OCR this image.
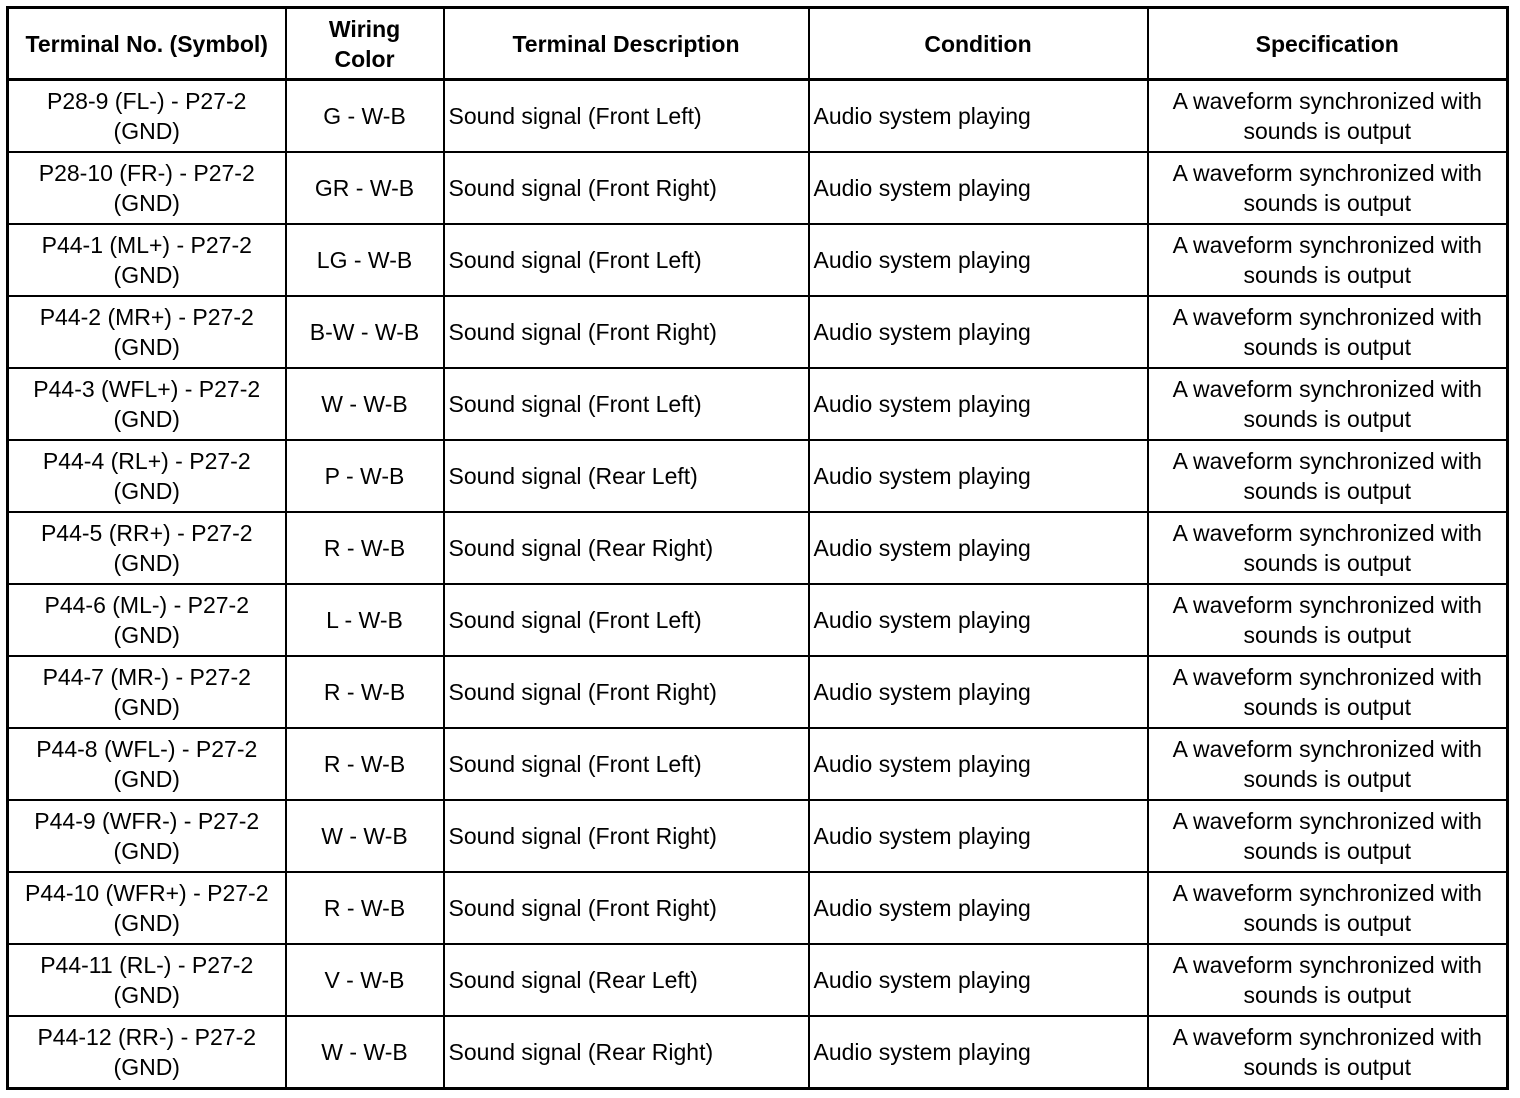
Terminal No. (Symbol)	Wiring Color	Terminal Description	Condition	Specification
P28-9 (FL-) - P27-2 (GND)	G - W-B	Sound signal (Front Left)	Audio system playing	A waveform synchronized with sounds is output
P28-10 (FR-) - P27-2 (GND)	GR - W-B	Sound signal (Front Right)	Audio system playing	A waveform synchronized with sounds is output
P44-1 (ML+) - P27-2 (GND)	LG - W-B	Sound signal (Front Left)	Audio system playing	A waveform synchronized with sounds is output
P44-2 (MR+) - P27-2 (GND)	B-W - W-B	Sound signal (Front Right)	Audio system playing	A waveform synchronized with sounds is output
P44-3 (WFL+) - P27-2 (GND)	W - W-B	Sound signal (Front Left)	Audio system playing	A waveform synchronized with sounds is output
P44-4 (RL+) - P27-2 (GND)	P - W-B	Sound signal (Rear Left)	Audio system playing	A waveform synchronized with sounds is output
P44-5 (RR+) - P27-2 (GND)	R - W-B	Sound signal (Rear Right)	Audio system playing	A waveform synchronized with sounds is output
P44-6 (ML-) - P27-2 (GND)	L - W-B	Sound signal (Front Left)	Audio system playing	A waveform synchronized with sounds is output
P44-7 (MR-) - P27-2 (GND)	R - W-B	Sound signal (Front Right)	Audio system playing	A waveform synchronized with sounds is output
P44-8 (WFL-) - P27-2 (GND)	R - W-B	Sound signal (Front Left)	Audio system playing	A waveform synchronized with sounds is output
P44-9 (WFR-) - P27-2 (GND)	W - W-B	Sound signal (Front Right)	Audio system playing	A waveform synchronized with sounds is output
P44-10 (WFR+) - P27-2 (GND)	R - W-B	Sound signal (Front Right)	Audio system playing	A waveform synchronized with sounds is output
P44-11 (RL-) - P27-2 (GND)	V - W-B	Sound signal (Rear Left)	Audio system playing	A waveform synchronized with sounds is output
P44-12 (RR-) - P27-2 (GND)	W - W-B	Sound signal (Rear Right)	Audio system playing	A waveform synchronized with sounds is output
